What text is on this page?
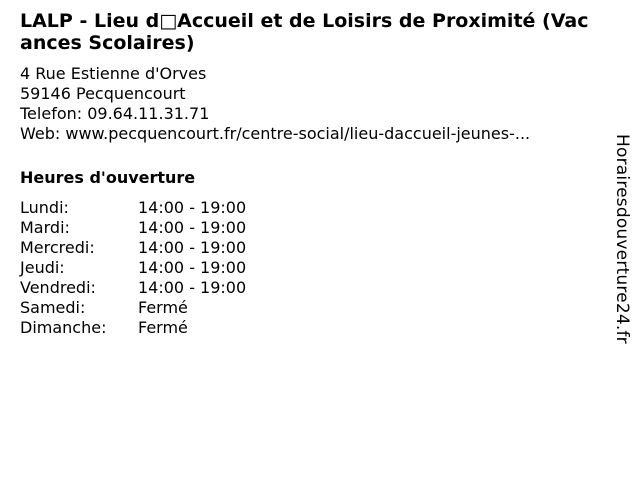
LALP - Lieu d□Accueil et de Loisirs de Proximité (Vacances Scolaires)
4 Rue Estienne d'Orves
59146 Pecquencourt
Telefon: 09.64.11.31.71
Web: www.pecquencourt.fr/centre-social/lieu-daccueil-jeunes-...
Heures d'ouverture
Lundi:	14:00 - 19:00
Mardi:	14:00 - 19:00
Mercredi:	14:00 - 19:00
Jeudi:	14:00 - 19:00
Vendredi:	14:00 - 19:00
Samedi:	Fermé
Dimanche:	Fermé	Horairesdouverture24.fr
